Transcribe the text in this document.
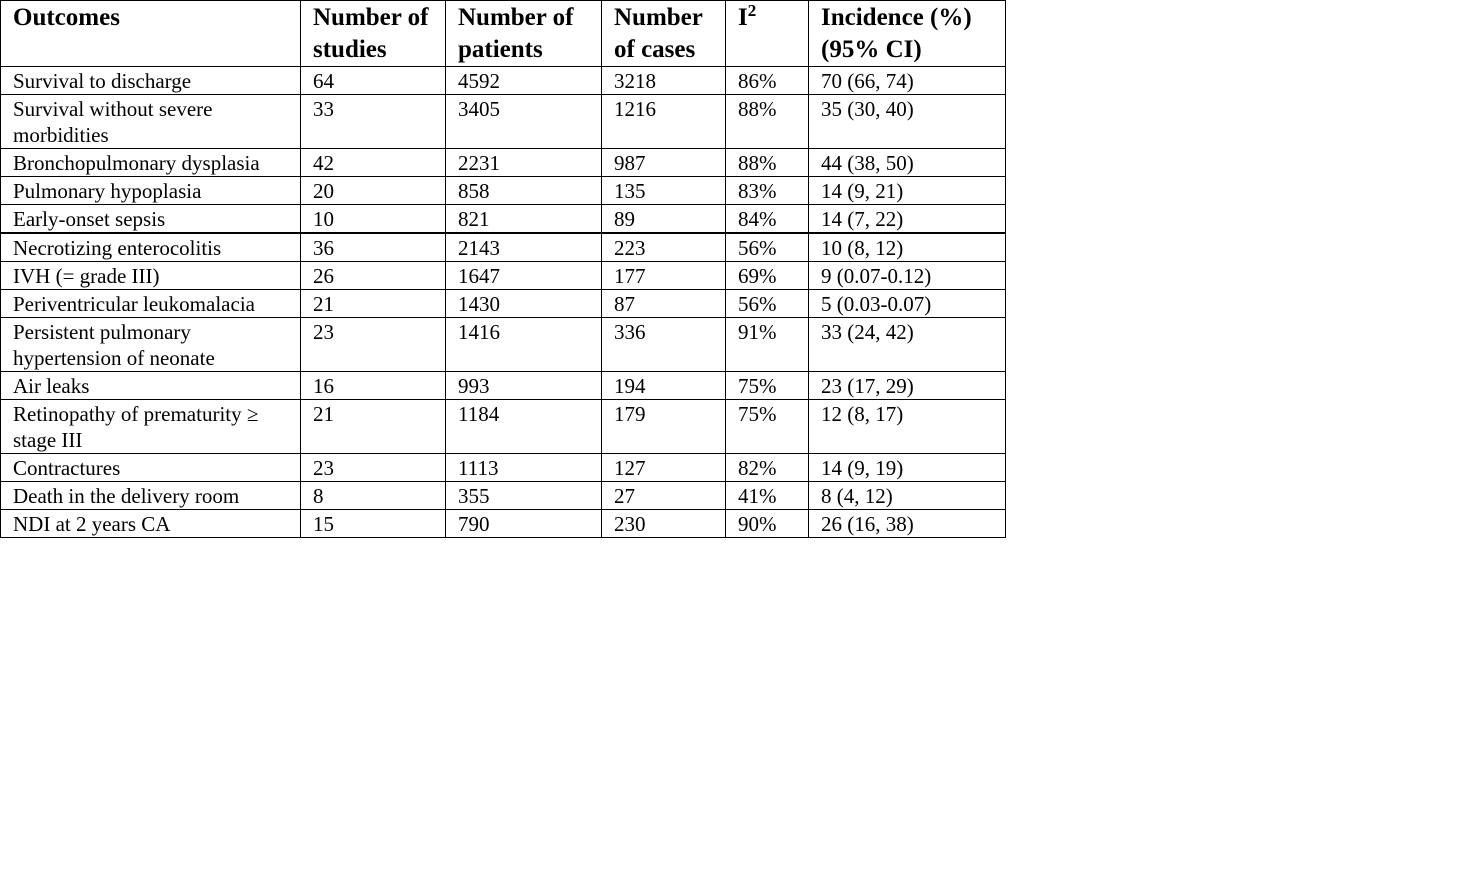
Outcomes	Number of studies	Number of patients	Number of cases	$I^2$	Incidence (%) (95% CI)
Survival to discharge	64	4592	3218	86%	70 (66, 74)
Survival without severe morbidities	33	3405	1216	88%	35 (30, 40)
Bronchopulmonary dysplasia	42	2231	987	88%	44 (38, 50)
Pulmonary hypoplasia	20	858	135	83%	14 (9, 21)
Early-onset sepsis	10	821	89	84%	14 (7, 22)
Necrotizing enterocolitis	36	2143	223	56%	10 (8, 12)
IVH (= grade III)	26	1647	177	69%	9 (0.07-0.12)
Periventricular leukomalacia	21	1430	87	56%	5 (0.03-0.07)
Persistent pulmonary hypertension of neonate	23	1416	336	91%	33 (24, 42)
Air leaks	16	993	194	75%	23 (17, 29)
Retinopathy of prematurity ≥ stage III	21	1184	179	75%	12 (8, 17)
Contractures	23	1113	127	82%	14 (9, 19)
Death in the delivery room	8	355	27	41%	8 (4, 12)
NDI at 2 years CA	15	790	230	90%	26 (16, 38)
